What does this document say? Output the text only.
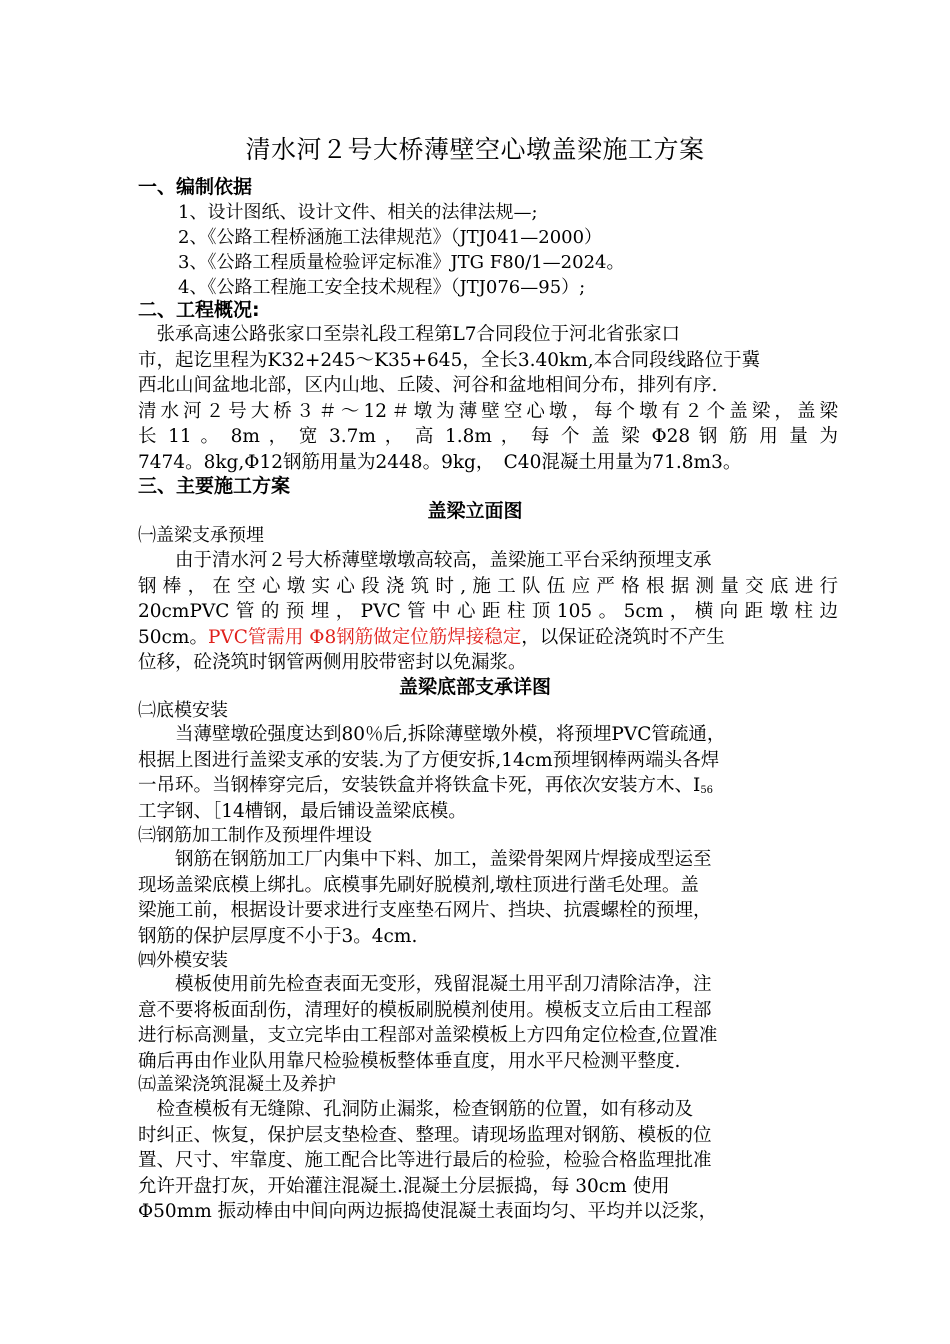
清水河２号大桥薄壁空心墩盖梁施工方案
一、编制依据
1、设计图纸、设计文件、相关的法律法规—;
2、《公路工程桥涵施工法律规范》（JTJ041—2000）
3、《公路工程质量检验评定标准》JTG F80/1—2024。
4、《公路工程施工安全技术规程》（JTJ076—95）;
二、工程概况:
　张承高速公路张家口至崇礼段工程第L7合同段位于河北省张家口
市，起讫里程为K32+245～K35+645，全长3.40km,本合同段线路位于冀
西北山间盆地北部，区内山地、丘陵、河谷和盆地相间分布，排列有序.
清水河２号大桥３＃～12＃墩为薄壁空心墩，每个墩有２个盖梁，盖梁
长 11 。 8m ， 宽 3.7m ， 高 1.8m ， 每 个 盖 梁 Φ28 钢 筋 用 量 为
7474。8kg,Φ12钢筋用量为2448。9kg，　C40混凝土用量为71.8m3。
三、主要施工方案
盖梁立面图
㈠盖梁支承预埋
　　由于清水河２号大桥薄壁墩墩高较高，盖梁施工平台采纳预埋支承
钢棒，在空心墩实心段浇筑时,施工队伍应严格根据测量交底进行
20cmPVC管的预埋，PVC管中心距柱顶105。5cm，横向距墩柱边
50cm。PVC管需用 Φ8钢筋做定位筋焊接稳定，以保证砼浇筑时不产生
位移，砼浇筑时钢管两侧用胶带密封以免漏浆。
盖梁底部支承详图
㈡底模安装
　　当薄壁墩砼强度达到80％后,拆除薄壁墩外模，将预埋PVC管疏通，
根据上图进行盖梁支承的安装.为了方便安拆,14cm预埋钢棒两端头各焊
一吊环。当钢棒穿完后，安装铁盒并将铁盒卡死，再依次安装方木、$I_{56}$
工字钢、［14槽钢，最后铺设盖梁底模。
㈢钢筋加工制作及预埋件埋设
　　钢筋在钢筋加工厂内集中下料、加工，盖梁骨架网片焊接成型运至
现场盖梁底模上绑扎。底模事先刷好脱模剂,墩柱顶进行凿毛处理。盖
梁施工前，根据设计要求进行支座垫石网片、挡块、抗震螺栓的预埋，
钢筋的保护层厚度不小于3。4cm.
㈣外模安装
　　模板使用前先检查表面无变形，残留混凝土用平刮刀清除洁净，注
意不要将板面刮伤，清理好的模板刷脱模剂使用。模板支立后由工程部
进行标高测量，支立完毕由工程部对盖梁模板上方四角定位检查,位置准
确后再由作业队用靠尺检验模板整体垂直度，用水平尺检测平整度.
㈤盖梁浇筑混凝土及养护
　检查模板有无缝隙、孔洞防止漏浆，检查钢筋的位置，如有移动及
时纠正、恢复，保护层支垫检查、整理。请现场监理对钢筋、模板的位
置、尺寸、牢靠度、施工配合比等进行最后的检验，检验合格监理批准
允许开盘打灰，开始灌注混凝土.混凝土分层振捣，每 30cm 使用
Φ50mm 振动棒由中间向两边振捣使混凝土表面均匀、平均并以泛浆，
